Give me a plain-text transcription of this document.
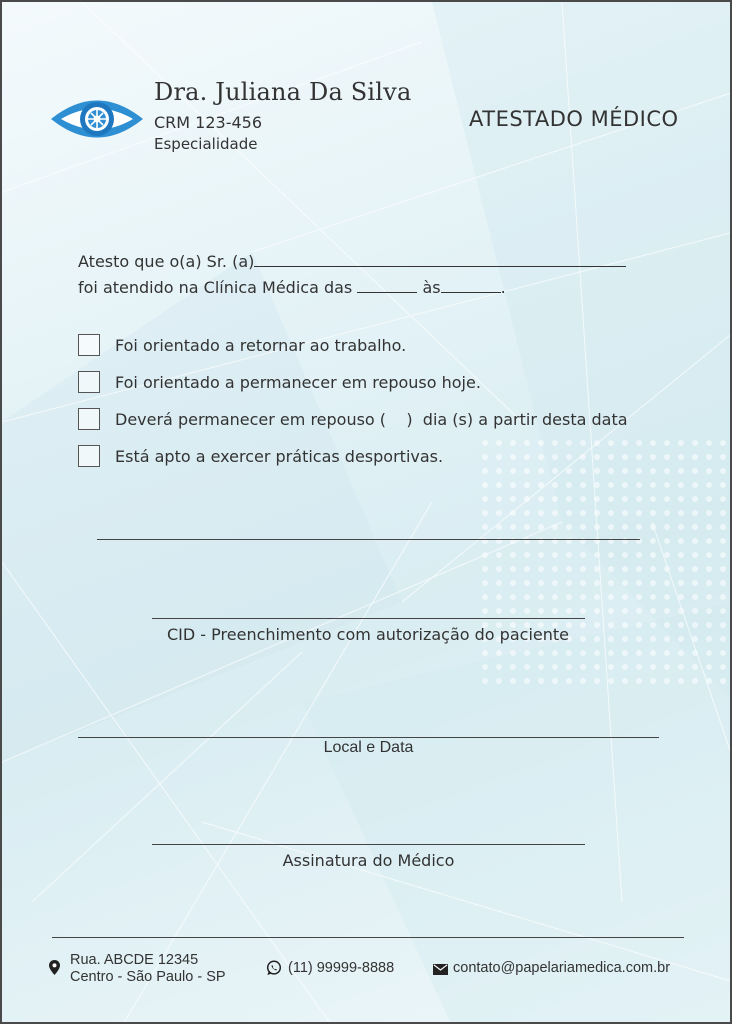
Dra. Juliana Da Silva
CRM 123-456
Especialidade
ATESTADO MÉDICO
Atesto que o(a) Sr. (a)
foi atendido na Clínica Médica das	às	.
Foi orientado a retornar ao trabalho.
Foi orientado a permanecer em repouso hoje.
Deverá permanecer em repouso (    )  dia (s) a partir desta data
Está apto a exercer práticas desportivas.
CID - Preenchimento com autorização do paciente
Local e Data
Assinatura do Médico
Rua. ABCDE 12345
Centro - São Paulo - SP
(11) 99999-8888	contato@papelariamedica.com.br
